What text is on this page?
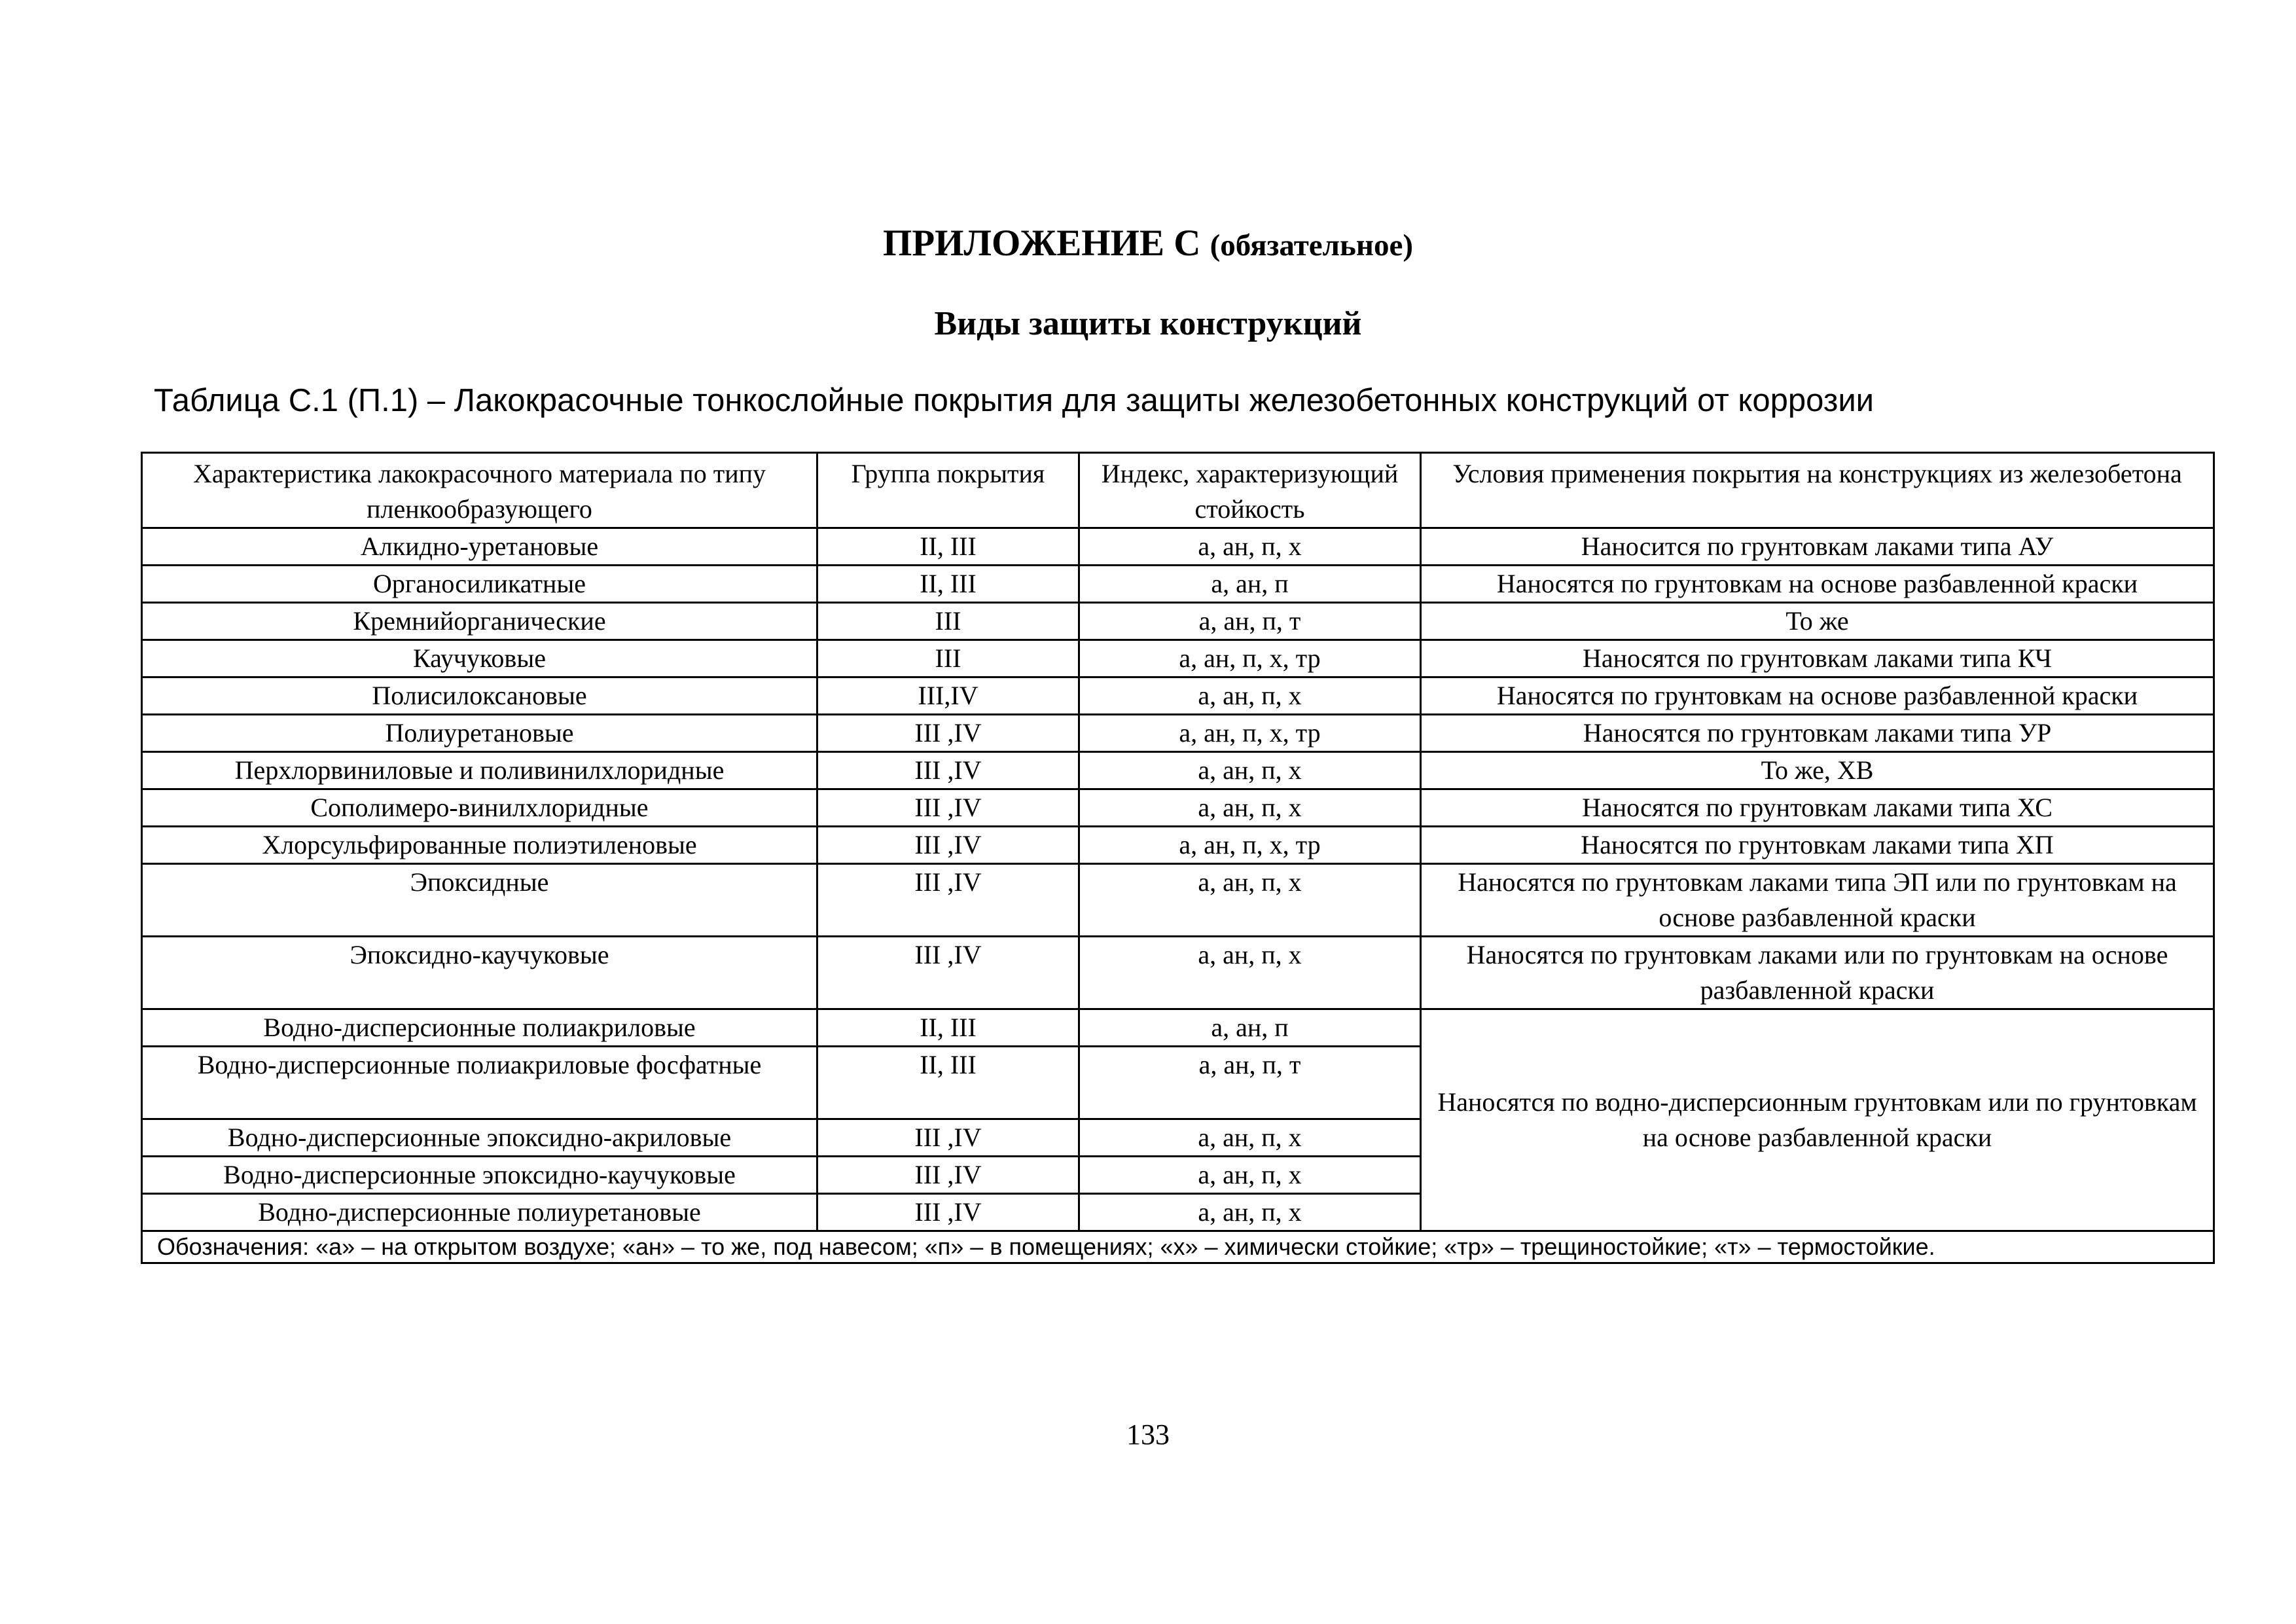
ПРИЛОЖЕНИЕ С (обязательное)
Виды защиты конструкций
Таблица С.1 (П.1) – Лакокрасочные тонкослойные покрытия для защиты железобетонных конструкций от коррозии
Характеристика лакокрасочного материала по типу пленкообразующего	Группа покрытия	Индекс, характеризующий стойкость	Условия применения покрытия на конструкциях из железобетона
Алкидно-уретановые	II, III	а, ан, п, х	Наносится по грунтовкам лаками типа АУ
Органосиликатные	II, III	а, ан, п	Наносятся по грунтовкам на основе разбавленной краски
Кремнийорганические	III	а, ан, п, т	То же
Каучуковые	III	а, ан, п, х, тр	Наносятся по грунтовкам лаками типа КЧ
Полисилоксановые	III,IV	а, ан, п, х	Наносятся по грунтовкам на основе разбавленной краски
Полиуретановые	III ,IV	а, ан, п, х, тр	Наносятся по грунтовкам лаками типа УР
Перхлорвиниловые и поливинилхлоридные	III ,IV	а, ан, п, х	То же, ХВ
Сополимеро-винилхлоридные	III ,IV	а, ан, п, х	Наносятся по грунтовкам лаками типа ХС
Хлорсульфированные полиэтиленовые	III ,IV	а, ан, п, х, тр	Наносятся по грунтовкам лаками типа ХП
Эпоксидные	III ,IV	а, ан, п, х	Наносятся по грунтовкам лаками типа ЭП или по грунтовкам на основе разбавленной краски
Эпоксидно-каучуковые	III ,IV	а, ан, п, х	Наносятся по грунтовкам лаками или по грунтовкам на основе разбавленной краски
Водно-дисперсионные полиакриловые	II, III	а, ан, п	Наносятся по водно-дисперсионным грунтовкам или по грунтовкам на основе разбавленной краски
Водно-дисперсионные полиакриловые фосфатные	II, III	а, ан, п, т	
Водно-дисперсионные эпоксидно-акриловые	III ,IV	а, ан, п, х	
Водно-дисперсионные эпоксидно-каучуковые	III ,IV	а, ан, п, х	
Водно-дисперсионные полиуретановые	III ,IV	а, ан, п, х	
Обозначения: «а» – на открытом воздухе; «ан» – то же, под навесом; «п» – в помещениях; «х» – химически стойкие; «тр» – трещиностойкие; «т» – термостойкие.			
133
